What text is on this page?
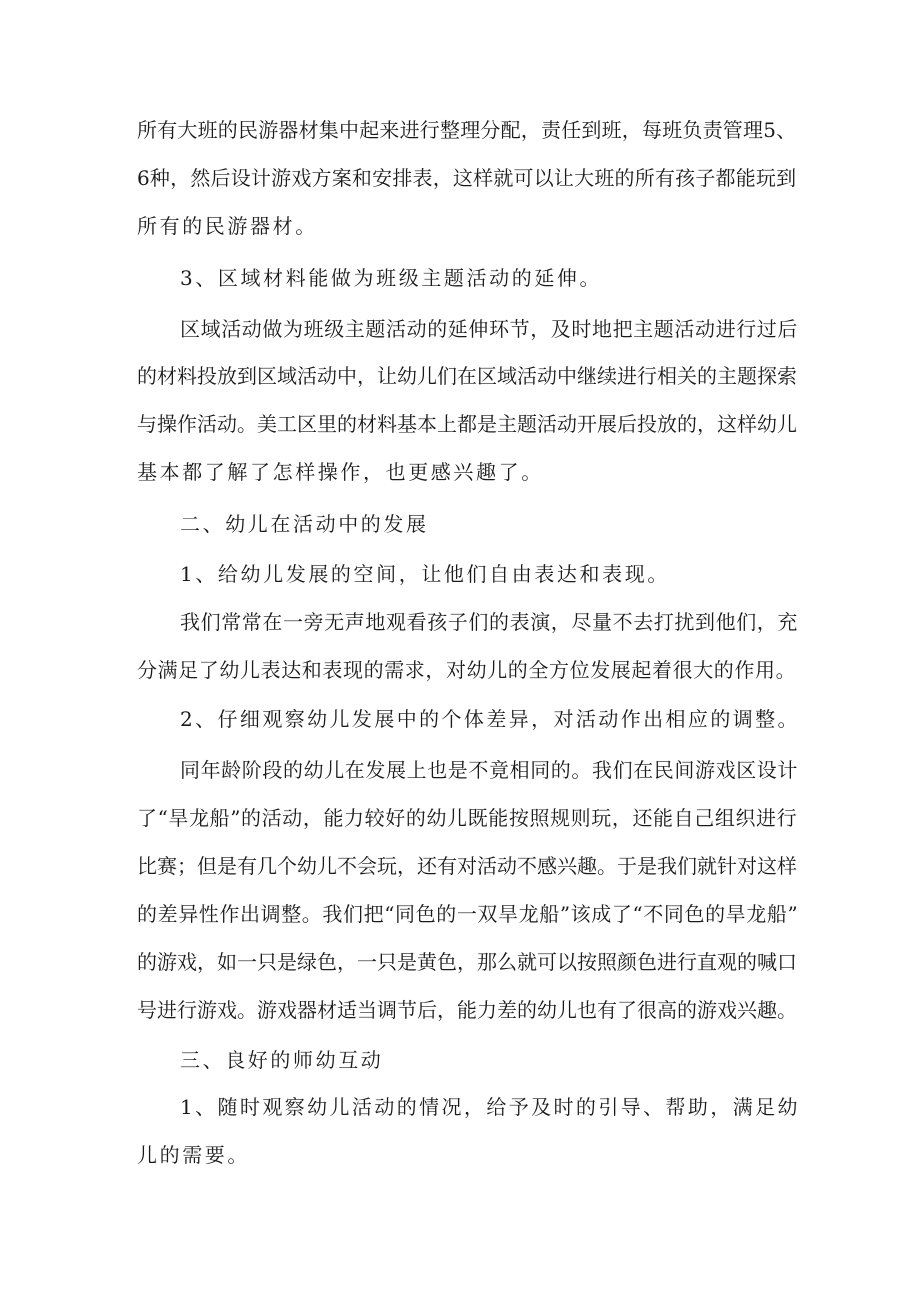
所有大班的民游器材集中起来进行整理分配，责任到班，每班负责管理5、
6种，然后设计游戏方案和安排表，这样就可以让大班的所有孩子都能玩到
所有的民游器材。
3、区域材料能做为班级主题活动的延伸。
区域活动做为班级主题活动的延伸环节，及时地把主题活动进行过后
的材料投放到区域活动中，让幼儿们在区域活动中继续进行相关的主题探索
与操作活动。美工区里的材料基本上都是主题活动开展后投放的，这样幼儿
基本都了解了怎样操作，也更感兴趣了。
二、幼儿在活动中的发展
1、给幼儿发展的空间，让他们自由表达和表现。
我们常常在一旁无声地观看孩子们的表演，尽量不去打扰到他们，充
分满足了幼儿表达和表现的需求，对幼儿的全方位发展起着很大的作用。
2、仔细观察幼儿发展中的个体差异，对活动作出相应的调整。
同年龄阶段的幼儿在发展上也是不竟相同的。我们在民间游戏区设计
了“旱龙船”的活动，能力较好的幼儿既能按照规则玩，还能自己组织进行
比赛；但是有几个幼儿不会玩，还有对活动不感兴趣。于是我们就针对这样
的差异性作出调整。我们把“同色的一双旱龙船”该成了“不同色的旱龙船”
的游戏，如一只是绿色，一只是黄色，那么就可以按照颜色进行直观的喊口
号进行游戏。游戏器材适当调节后，能力差的幼儿也有了很高的游戏兴趣。
三、良好的师幼互动
1、随时观察幼儿活动的情况，给予及时的引导、帮助，满足幼
儿的需要。
